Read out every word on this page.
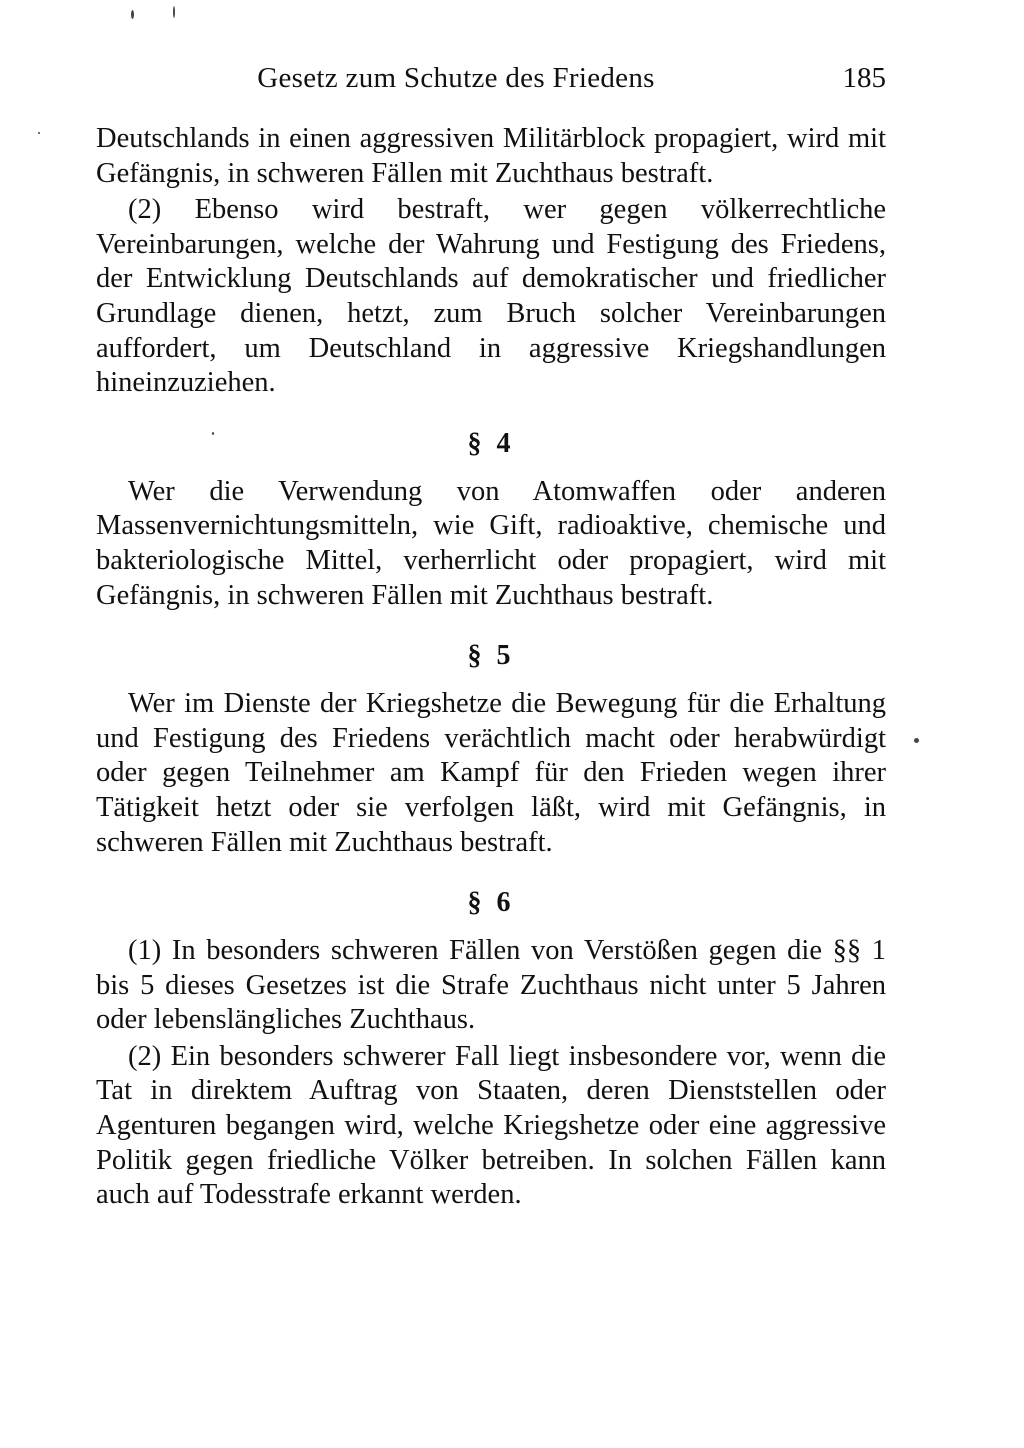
Gesetz zum Schutze des Friedens	185

Deutschlands in einen aggressiven Militärblock propagiert, wird mit Gefängnis, in schweren Fällen mit Zuchthaus bestraft.

(2) Ebenso wird bestraft, wer gegen völkerrechtliche Vereinbarungen, welche der Wahrung und Festigung des Friedens, der Entwicklung Deutschlands auf demokratischer und friedlicher Grundlage dienen, hetzt, zum Bruch solcher Vereinbarungen auffordert, um Deutschland in aggressive Kriegshandlungen hineinzuziehen.

§ 4

Wer die Verwendung von Atomwaffen oder anderen Massenvernichtungsmitteln, wie Gift, radioaktive, chemische und bakteriologische Mittel, verherrlicht oder propagiert, wird mit Gefängnis, in schweren Fällen mit Zuchthaus bestraft.

§ 5

Wer im Dienste der Kriegshetze die Bewegung für die Erhaltung und Festigung des Friedens verächtlich macht oder herabwürdigt oder gegen Teilnehmer am Kampf für den Frieden wegen ihrer Tätigkeit hetzt oder sie verfolgen läßt, wird mit Gefängnis, in schweren Fällen mit Zuchthaus bestraft.

§ 6

(1) In besonders schweren Fällen von Verstößen gegen die §§ 1 bis 5 dieses Gesetzes ist die Strafe Zuchthaus nicht unter 5 Jahren oder lebenslängliches Zuchthaus.

(2) Ein besonders schwerer Fall liegt insbesondere vor, wenn die Tat in direktem Auftrag von Staaten, deren Dienststellen oder Agenturen begangen wird, welche Kriegshetze oder eine aggressive Politik gegen friedliche Völker betreiben. In solchen Fällen kann auch auf Todesstrafe erkannt werden.
